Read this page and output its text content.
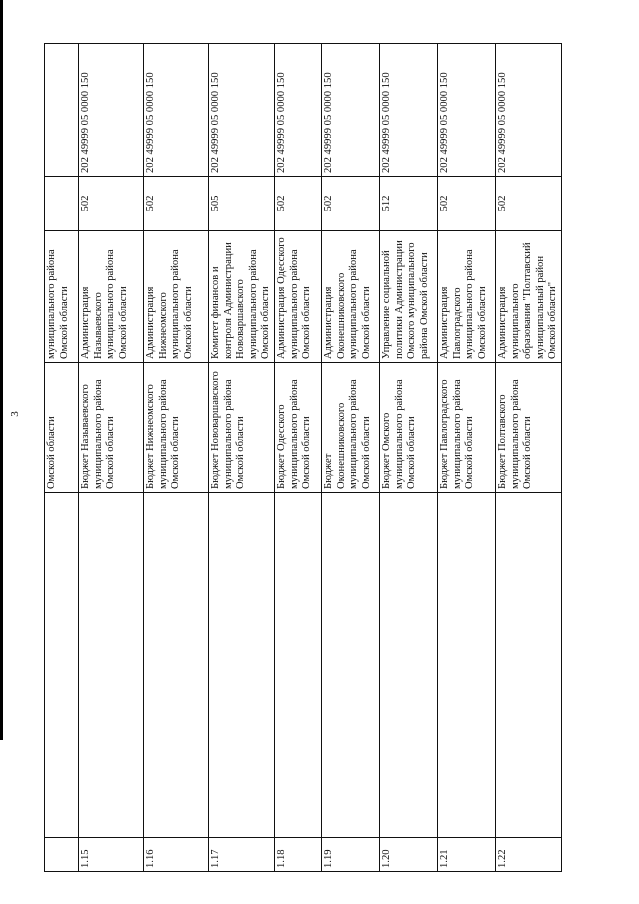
3
		Омской области	муниципального района Омской области		
1.15		Бюджет Называевского муниципального района Омской области	Администрация Называевского муниципального района Омской области	502	202 49999 05 0000 150
1.16		Бюджет Нижнеомского муниципального района Омской области	Администрация Нижнеомского муниципального района Омской области	502	202 49999 05 0000 150
1.17		Бюджет Нововаршавского муниципального района Омской области	Комитет финансов и контроля Администрации Нововаршавского муниципального района Омской области	505	202 49999 05 0000 150
1.18		Бюджет Одесского муниципального района Омской области	Администрация Одесского муниципального района Омской области	502	202 49999 05 0000 150
1.19		Бюджет Оконешниковского муниципального района Омской области	Администрация Оконешниковского муниципального района Омской области	502	202 49999 05 0000 150
1.20		Бюджет Омского муниципального района Омской области	Управление социальной политики Администрации Омского муниципального района Омской области	512	202 49999 05 0000 150
1.21		Бюджет Павлоградского муниципального района Омской области	Администрация Павлоградского муниципального района Омской области	502	202 49999 05 0000 150
1.22		Бюджет Полтавского муниципального района Омской области	Администрация муниципального образования "Полтавский муниципальный район Омской области"	502	202 49999 05 0000 150
